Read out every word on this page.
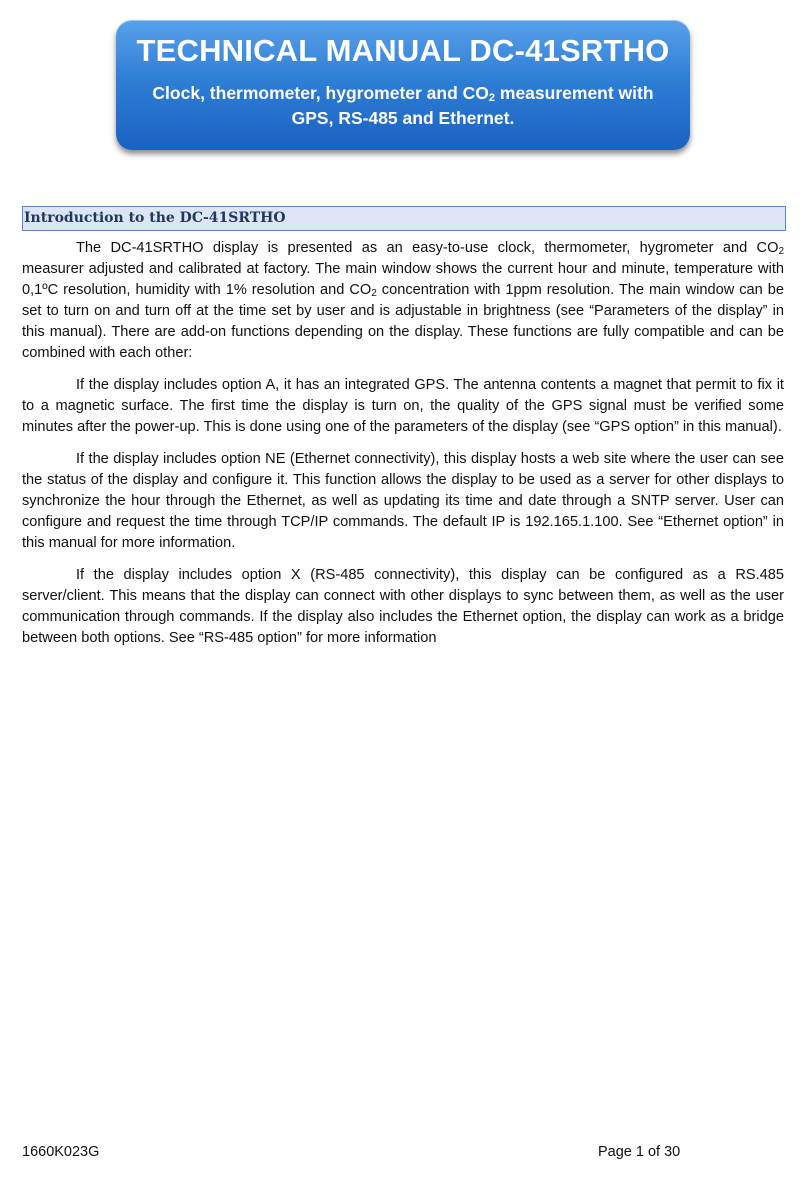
TECHNICAL MANUAL DC-41SRTHO
Clock, thermometer, hygrometer and $CO_2$ measurement with GPS, RS-485 and Ethernet.
Introduction to the DC-41SRTHO

The DC-41SRTHO display is presented as an easy-to-use clock, thermometer, hygrometer and $CO_2$ measurer adjusted and calibrated at factory. The main window shows the current hour and minute, temperature with 0,1ºC resolution, humidity with 1% resolution and $CO_2$ concentration with 1ppm resolution. The main window can be set to turn on and turn off at the time set by user and is adjustable in brightness (see “Parameters of the display” in this manual). There are add-on functions depending on the display. These functions are fully compatible and can be combined with each other:

If the display includes option A, it has an integrated GPS. The antenna contents a magnet that permit to fix it to a magnetic surface. The first time the display is turn on, the quality of the GPS signal must be verified some minutes after the power-up. This is done using one of the parameters of the display (see “GPS option” in this manual).

If the display includes option NE (Ethernet connectivity), this display hosts a web site where the user can see the status of the display and configure it. This function allows the display to be used as a server for other displays to synchronize the hour through the Ethernet, as well as updating its time and date through a SNTP server. User can configure and request the time through TCP/IP commands. The default IP is 192.165.1.100. See “Ethernet option” in this manual for more information.

If the display includes option X (RS-485 connectivity), this display can be configured as a RS.485 server/client. This means that the display can connect with other displays to sync between them, as well as the user communication through commands. If the display also includes the Ethernet option, the display can work as a bridge between both options. See “RS-485 option” for more information

1660K023G	Page 1 of 30
